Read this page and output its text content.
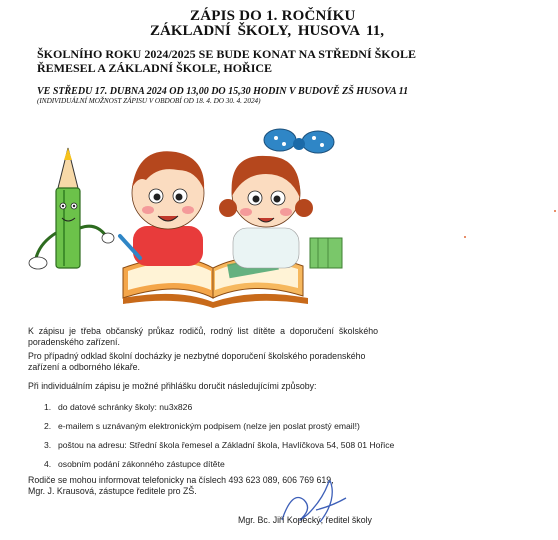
ZÁPIS DO 1. ROČNÍKU
ZÁKLADNÍ ŠKOLY, HUSOVA 11,
ŠKOLNÍHO ROKU 2024/2025 SE BUDE KONAT NA STŘEDNÍ ŠKOLE
ŘEMESEL A ZÁKLADNÍ ŠKOLE, HOŘICE
VE STŘEDU 17. DUBNA 2024 OD 13,00 DO 15,30 HODIN V BUDOVĚ ZŠ HUSOVA 11
(INDIVIDUÁLNÍ MOŽNOST ZÁPISU V OBDOBÍ OD 18. 4. DO 30. 4. 2024)
K zápisu je třeba občanský průkaz rodičů, rodný list dítěte a doporučení školského poradenského zařízení.
Pro případný odklad školní docházky je nezbytné doporučení školského poradenského zařízení a odborného lékaře.
Při individuálním zápisu je možné přihlášku doručit následujícími způsoby:
1. do datové schránky školy: nu3x826
2. e-mailem s uznávaným elektronickým podpisem (nelze jen poslat prostý email!)
3. poštou na adresu: Střední škola řemesel a Základní škola, Havlíčkova 54, 508 01 Hořice
4. osobním podání zákonného zástupce dítěte
Rodiče se mohou informovat telefonicky na číslech 493 623 089, 606 769 619,
Mgr. J. Krausová, zástupce ředitele pro ZŠ.
Mgr. Bc. Jiří Kopecký, ředitel školy
